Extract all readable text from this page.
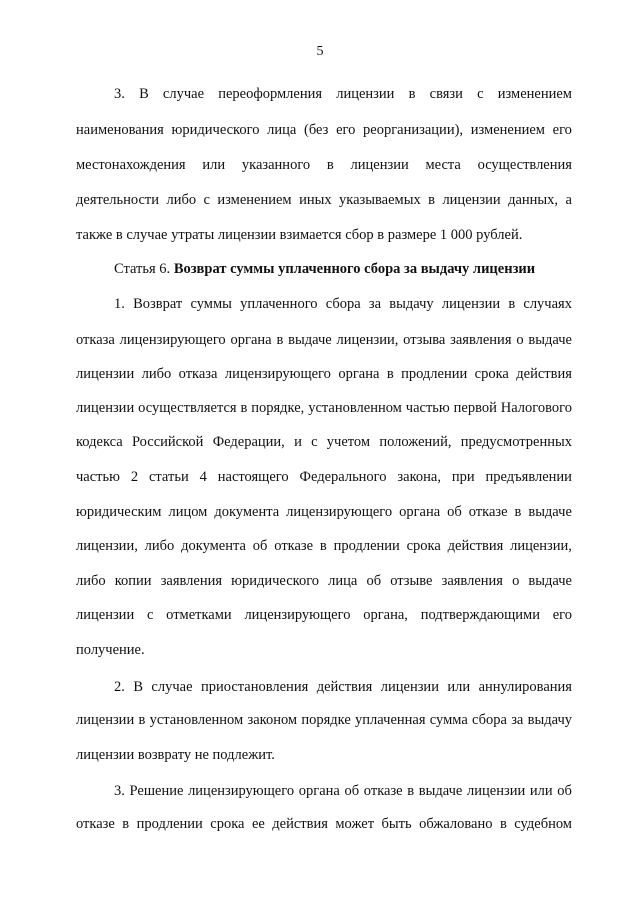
5
3. В случае переоформления лицензии в связи с изменением
наименования юридического лица (без его реорганизации), изменением его
местонахождения или указанного в лицензии места осуществления
деятельности либо с изменением иных указываемых в лицензии данных, а
также в случае утраты лицензии взимается сбор в размере 1 000 рублей.
1. Возврат суммы уплаченного сбора за выдачу лицензии в случаях
отказа лицензирующего органа в выдаче лицензии, отзыва заявления о выдаче
лицензии либо отказа лицензирующего органа в продлении срока действия
лицензии осуществляется в порядке, установленном частью первой Налогового
кодекса Российской Федерации, и с учетом положений, предусмотренных
частью 2 статьи 4 настоящего Федерального закона, при предъявлении
юридическим лицом документа лицензирующего органа об отказе в выдаче
лицензии, либо документа об отказе в продлении срока действия лицензии,
либо копии заявления юридического лица об отзыве заявления о выдаче
лицензии с отметками лицензирующего органа, подтверждающими его
получение.
2. В случае приостановления действия лицензии или аннулирования
лицензии в установленном законом порядке уплаченная сумма сбора за выдачу
лицензии возврату не подлежит.
3. Решение лицензирующего органа об отказе в выдаче лицензии или об
отказе в продлении срока ее действия может быть обжаловано в судебном
Статья 6. Возврат суммы уплаченного сбора за выдачу лицензии
